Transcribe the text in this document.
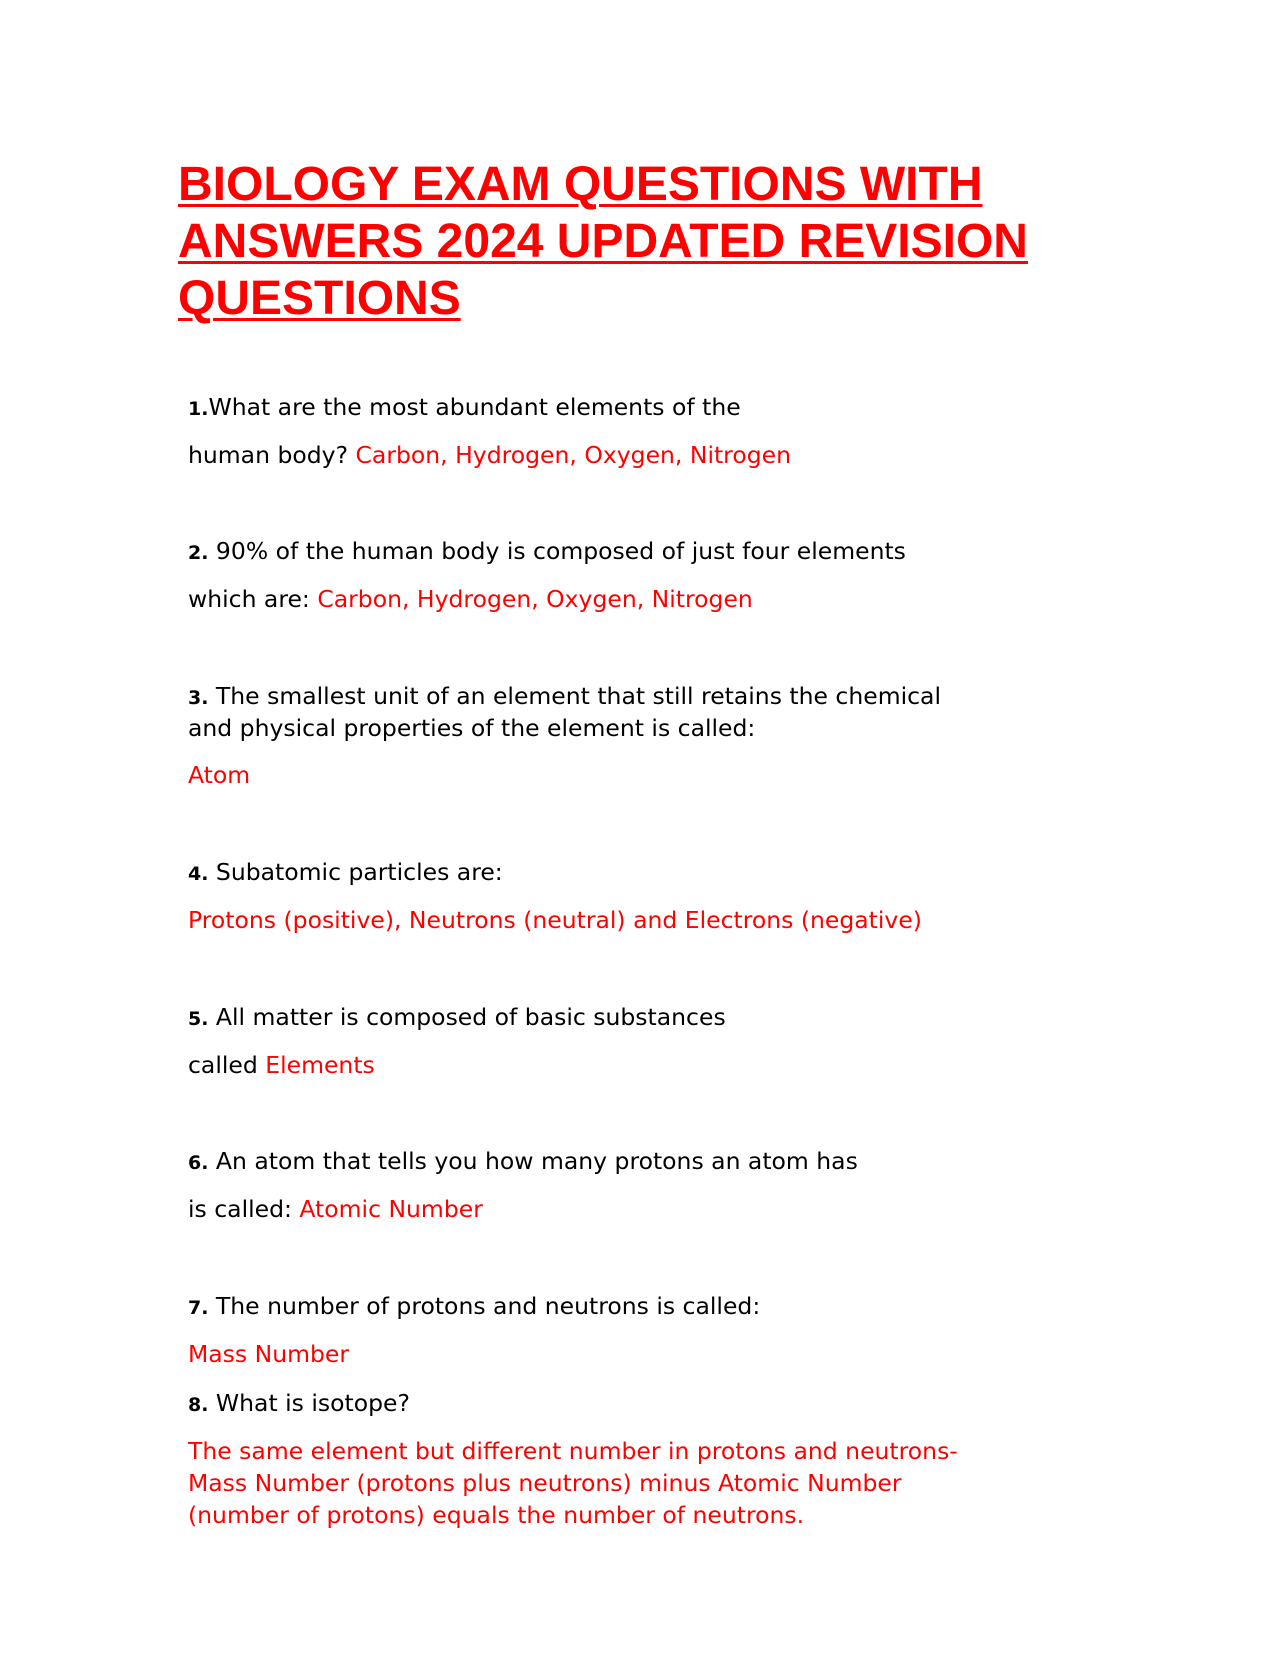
BIOLOGY EXAM QUESTIONS WITH ANSWERS 2024 UPDATED REVISION QUESTIONS

1.What are the most abundant elements of the

human body? Carbon, Hydrogen, Oxygen, Nitrogen

2. 90% of the human body is composed of just four elements

which are: Carbon, Hydrogen, Oxygen, Nitrogen

3. The smallest unit of an element that still retains the chemical

and physical properties of the element is called:

Atom

4. Subatomic particles are:

Protons (positive), Neutrons (neutral) and Electrons (negative)

5. All matter is composed of basic substances

called Elements

6. An atom that tells you how many protons an atom has

is called: Atomic Number

7. The number of protons and neutrons is called:

Mass Number

8. What is isotope?

The same element but different number in protons and neutrons-

Mass Number (protons plus neutrons) minus Atomic Number

(number of protons) equals the number of neutrons.
